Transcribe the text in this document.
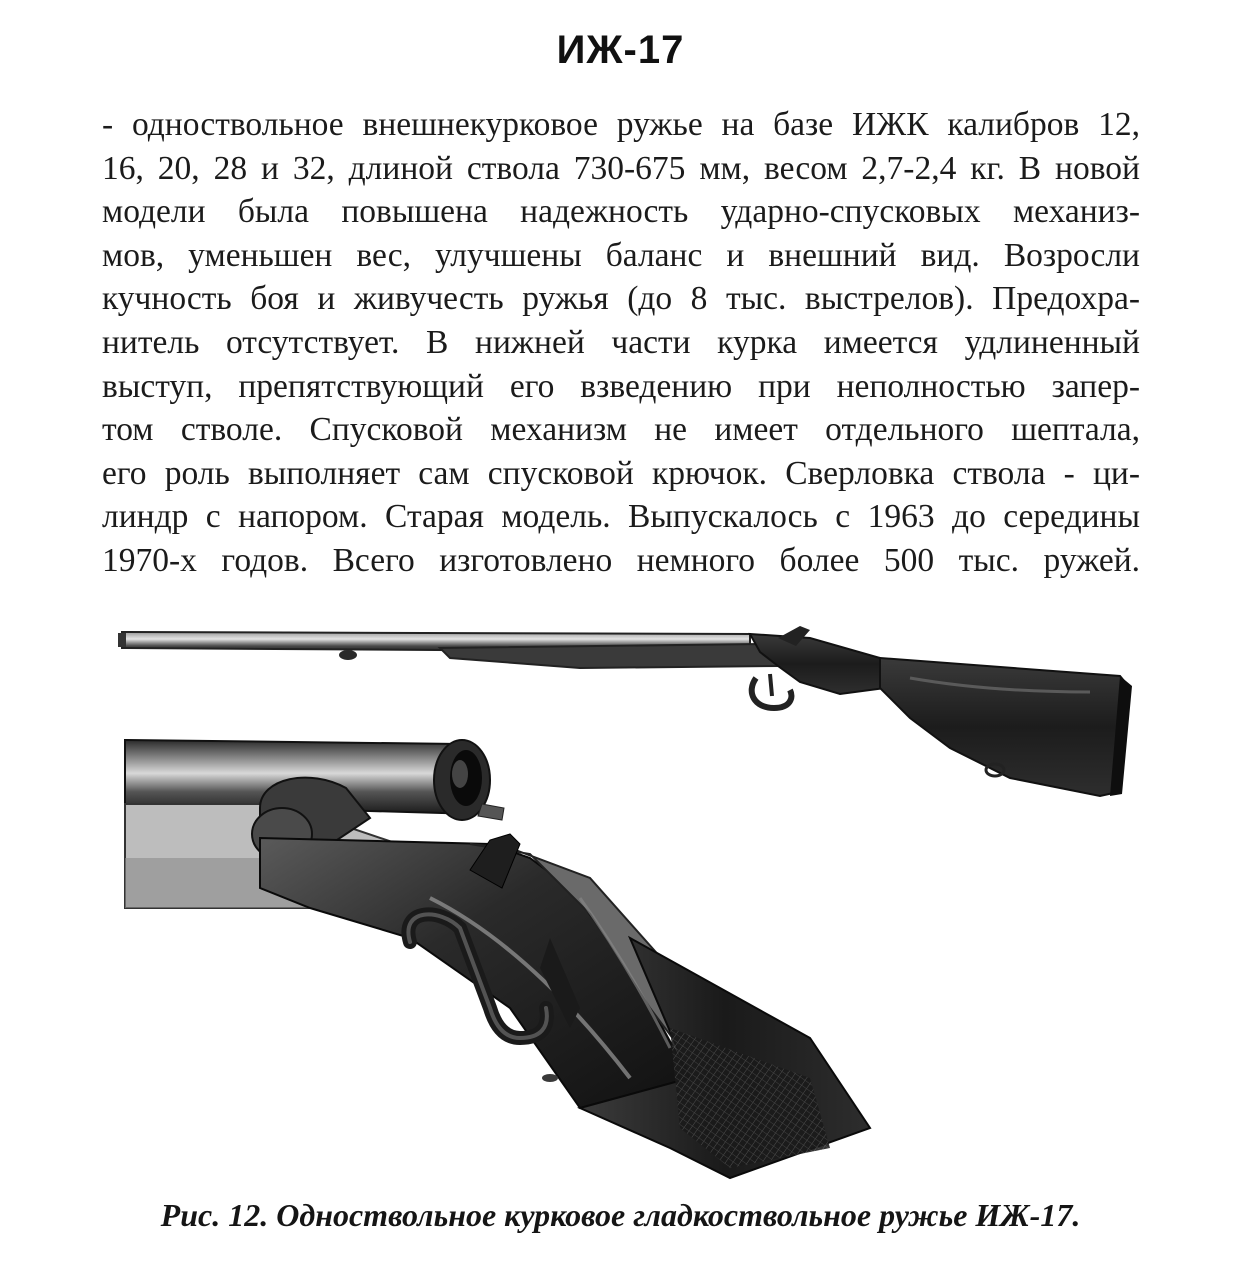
ИЖ-17
- одноствольное внешнекурковое ружье на базе ИЖК калибров 12,
16, 20, 28 и 32, длиной ствола 730-675 мм, весом 2,7-2,4 кг. В новой
модели была повышена надежность ударно-спусковых механиз-
мов, уменьшен вес, улучшены баланс и внешний вид. Возросли
кучность боя и живучесть ружья (до 8 тыс. выстрелов). Предохра-
нитель отсутствует. В нижней части курка имеется удлиненный
выступ, препятствующий его взведению при неполностью запер-
том стволе. Спусковой механизм не имеет отдельного шептала,
его роль выполняет сам спусковой крючок. Сверловка ствола - ци-
линдр с напором. Старая модель. Выпускалось с 1963 до середины
1970-х годов. Всего изготовлено немного более 500 тыс. ружей.
Рис. 12. Одноствольное курковое гладкоствольное ружье ИЖ-17.
